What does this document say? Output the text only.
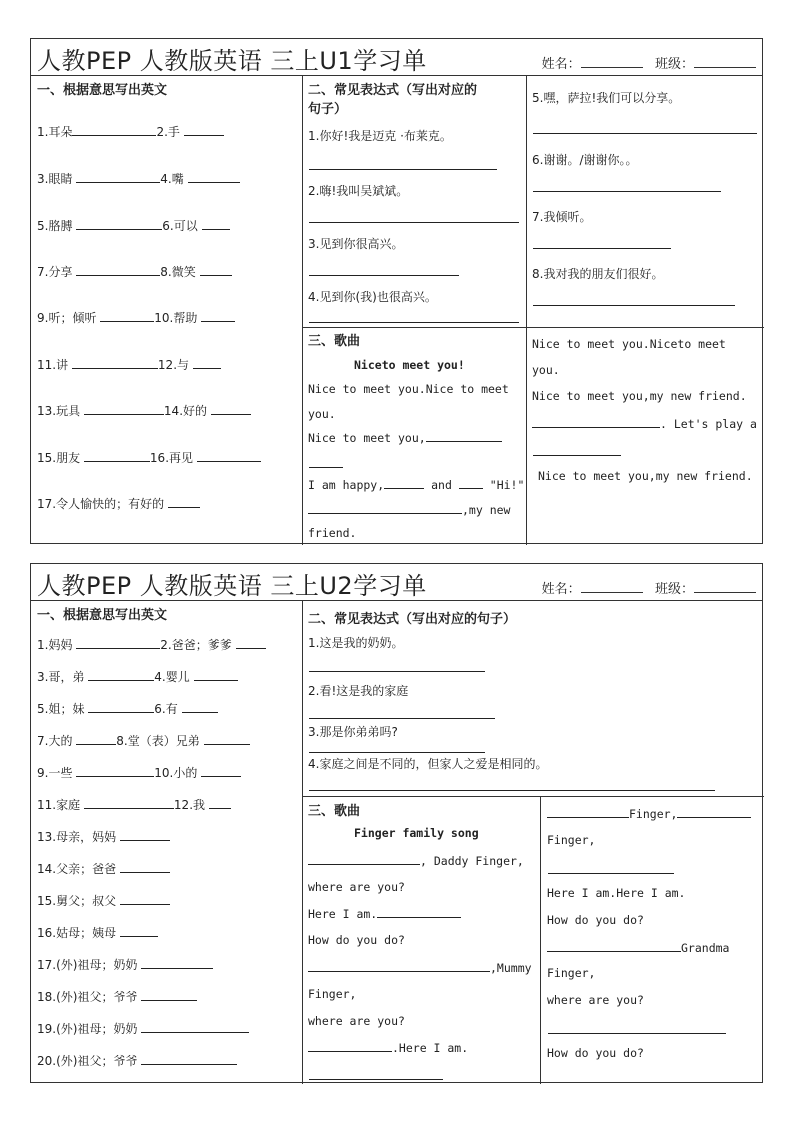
人教PEP 人教版英语 三上U1学习单	姓名：	班级：
一、根据意思写出英文
1.耳朵	2.手
3.眼睛	4.嘴
5.胳膊	6.可以
7.分享	8.微笑
9.听；倾听	10.帮助
11.讲	12.与
13.玩具	14.好的
15.朋友	16.再见
17.令人愉快的；有好的
二、常见表达式（写出对应的
句子）
1.你好!我是迈克 ·布莱克。
2.嗨!我叫吴斌斌。
3.见到你很高兴。
4.见到你(我)也很高兴。
5.嘿，萨拉!我们可以分享。
6.谢谢。/谢谢你。。
7.我倾听。
8.我对我的朋友们很好。
三、歌曲
Niceto meet you!
Nice to meet you.Nice to meet
you.
Nice to meet you,
I am happy,	and	"Hi!"
,my new
friend.
Nice to meet you.Niceto meet
you.
Nice to meet you,my new friend.
. Let's play a
Nice to meet you,my new friend.
人教PEP 人教版英语 三上U2学习单	姓名：	班级：
一、根据意思写出英文
1.妈妈	2.爸爸；爹爹
3.哥，弟	4.婴儿
5.姐；妹	6.有
7.大的	8.堂（表）兄弟
9.一些	10.小的
11.家庭	12.我
13.母亲，妈妈
14.父亲；爸爸
15.舅父；叔父
16.姑母；姨母
17.(外)祖母；奶奶
18.(外)祖父；爷爷
19.(外)祖母；奶奶
20.(外)祖父；爷爷
二、常见表达式（写出对应的句子）
1.这是我的奶奶。
2.看!这是我的家庭
3.那是你弟弟吗?
4.家庭之间是不同的，但家人之爱是相同的。
三、歌曲
Finger family song
, Daddy Finger,
where are you?
Here I am.
How do you do?
,Mummy
Finger,
where are you?
.Here I am.
Finger,
Finger,
Here I am.Here I am.
How do you do?
Grandma
Finger,
where are you?
How do you do?
